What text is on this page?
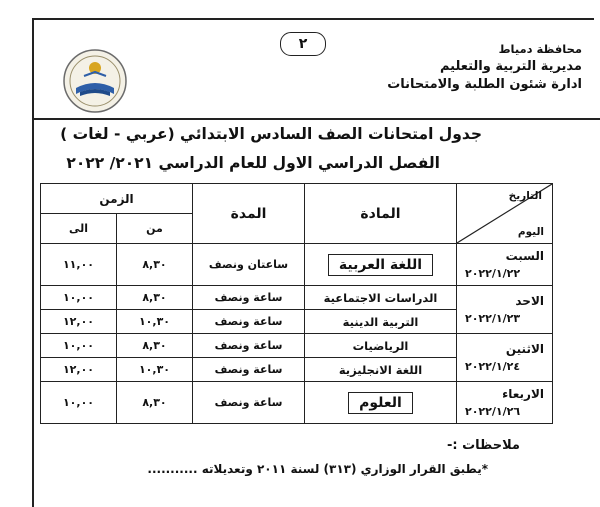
٢	محافظة دمياط
مديرية التربية والتعليم
ادارة شئون الطلبة والامتحانات
جدول امتحانات الصف السادس الابتدائي (عربي - لغات )
الفصل الدراسي الاول للعام الدراسي ٢٠٢١/ ٢٠٢٢
التاريخ
اليوم	المادة	المدة	الزمن	
			من	الى

السبت
٢٠٢٢/١/٢٢	اللغة العربية	ساعتان ونصف	٨,٣٠	١١,٠٠

الاحد
٢٠٢٢/١/٢٣	الدراسات الاجتماعية	ساعة ونصف	٨,٣٠	١٠,٠٠
	التربية الدينية	ساعة ونصف	١٠,٣٠	١٢,٠٠

الاثنين
٢٠٢٢/١/٢٤	الرياضيات	ساعة ونصف	٨,٣٠	١٠,٠٠
	اللغة الانجليزية	ساعة ونصف	١٠,٣٠	١٢,٠٠

الاربعاء
٢٠٢٢/١/٢٦	العلوم	ساعة ونصف	٨,٣٠	١٠,٠٠
ملاحظات :-
*يطبق القرار الوزاري (٣١٣) لسنة ٢٠١١ وتعديلاته ...........
